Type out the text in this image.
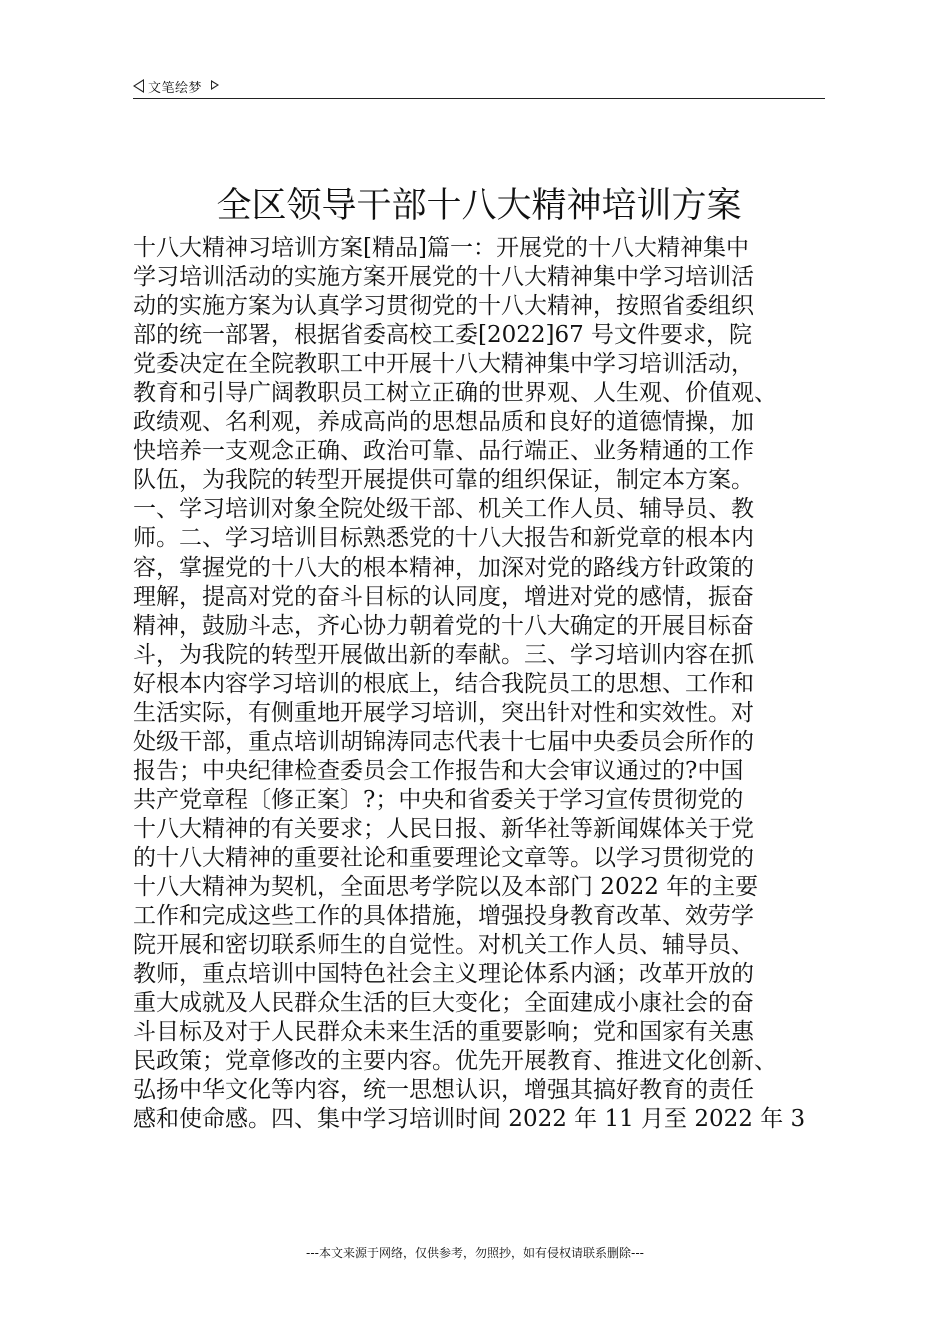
文笔绘梦
全区领导干部十八大精神培训方案
十八大精神习培训方案[精品]篇一：开展党的十八大精神集中
学习培训活动的实施方案开展党的十八大精神集中学习培训活
动的实施方案为认真学习贯彻党的十八大精神，按照省委组织
部的统一部署，根据省委高校工委[2022]67 号文件要求，院
党委决定在全院教职工中开展十八大精神集中学习培训活动，
教育和引导广阔教职员工树立正确的世界观、人生观、价值观、
政绩观、名利观，养成高尚的思想品质和良好的道德情操，加
快培养一支观念正确、政治可靠、品行端正、业务精通的工作
队伍，为我院的转型开展提供可靠的组织保证，制定本方案。
一、学习培训对象全院处级干部、机关工作人员、辅导员、教
师。二、学习培训目标熟悉党的十八大报告和新党章的根本内
容，掌握党的十八大的根本精神，加深对党的路线方针政策的
理解，提高对党的奋斗目标的认同度，增进对党的感情，振奋
精神，鼓励斗志，齐心协力朝着党的十八大确定的开展目标奋
斗，为我院的转型开展做出新的奉献。三、学习培训内容在抓
好根本内容学习培训的根底上，结合我院员工的思想、工作和
生活实际，有侧重地开展学习培训，突出针对性和实效性。对
处级干部，重点培训胡锦涛同志代表十七届中央委员会所作的
报告；中央纪律检查委员会工作报告和大会审议通过的?中国
共产党章程〔修正案〕?；中央和省委关于学习宣传贯彻党的
十八大精神的有关要求；人民日报、新华社等新闻媒体关于党
的十八大精神的重要社论和重要理论文章等。以学习贯彻党的
十八大精神为契机，全面思考学院以及本部门 2022 年的主要
工作和完成这些工作的具体措施，增强投身教育改革、效劳学
院开展和密切联系师生的自觉性。对机关工作人员、辅导员、
教师，重点培训中国特色社会主义理论体系内涵；改革开放的
重大成就及人民群众生活的巨大变化；全面建成小康社会的奋
斗目标及对于人民群众未来生活的重要影响；党和国家有关惠
民政策；党章修改的主要内容。优先开展教育、推进文化创新、
弘扬中华文化等内容，统一思想认识，增强其搞好教育的责任
感和使命感。四、集中学习培训时间 2022 年 11 月至 2022 年 3
---本文来源于网络，仅供参考，勿照抄，如有侵权请联系删除---
